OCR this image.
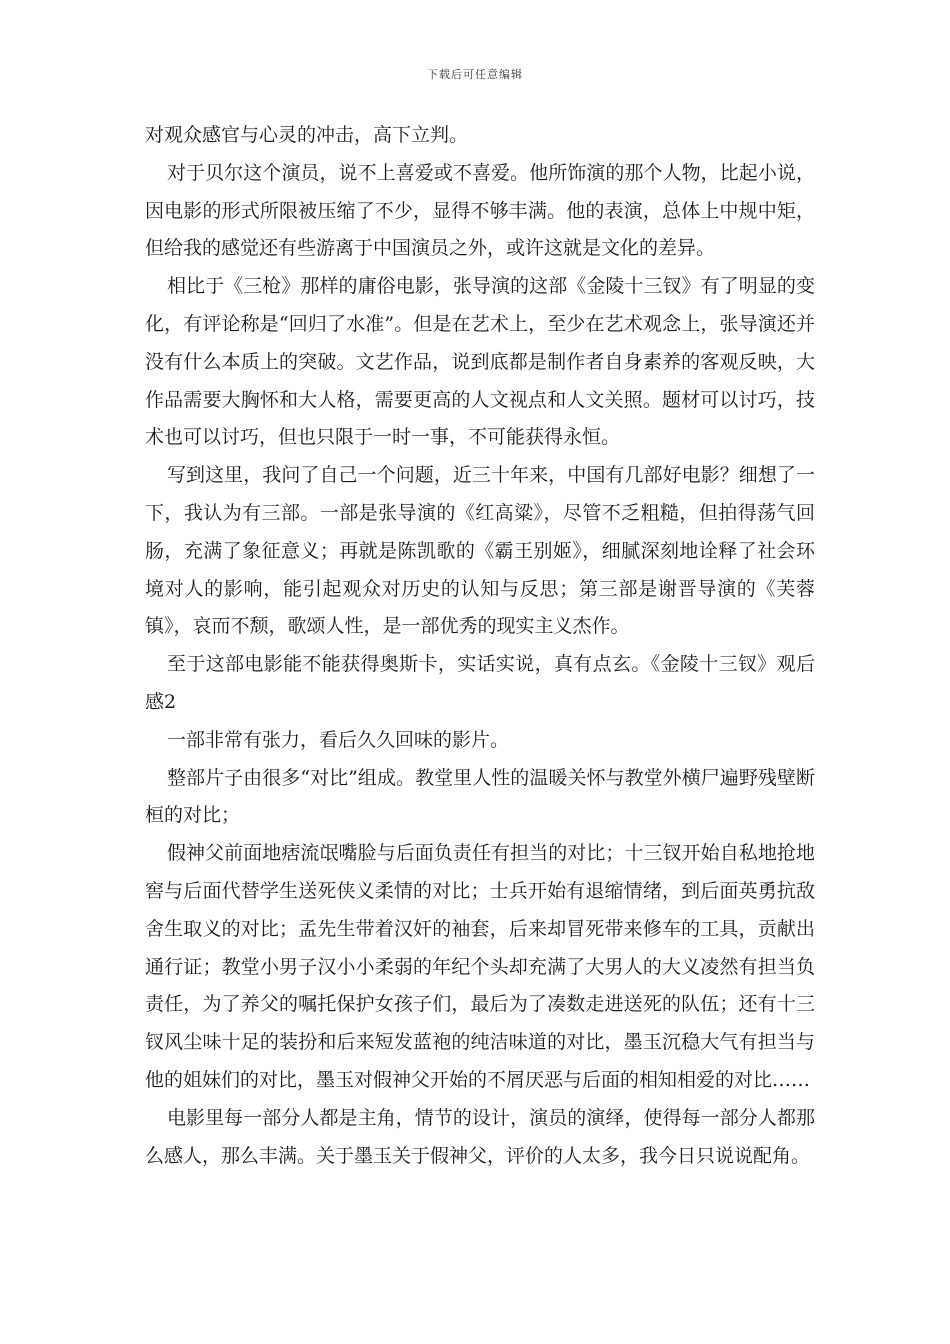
下载后可任意编辑

对观众感官与心灵的冲击，高下立判。

对于贝尔这个演员，说不上喜爱或不喜爱。他所饰演的那个人物，比起小说，因电影的形式所限被压缩了不少，显得不够丰满。他的表演，总体上中规中矩，但给我的感觉还有些游离于中国演员之外，或许这就是文化的差异。

相比于《三枪》那样的庸俗电影，张导演的这部《金陵十三钗》有了明显的变化，有评论称是“回归了水准”。但是在艺术上，至少在艺术观念上，张导演还并没有什么本质上的突破。文艺作品，说到底都是制作者自身素养的客观反映，大作品需要大胸怀和大人格，需要更高的人文视点和人文关照。题材可以讨巧，技术也可以讨巧，但也只限于一时一事，不可能获得永恒。

写到这里，我问了自己一个问题，近三十年来，中国有几部好电影？细想了一下，我认为有三部。一部是张导演的《红高粱》，尽管不乏粗糙，但拍得荡气回肠，充满了象征意义；再就是陈凯歌的《霸王别姬》，细腻深刻地诠释了社会环境对人的影响，能引起观众对历史的认知与反思；第三部是谢晋导演的《芙蓉镇》，哀而不颓，歌颂人性，是一部优秀的现实主义杰作。

至于这部电影能不能获得奥斯卡，实话实说，真有点玄。《金陵十三钗》观后感2

一部非常有张力，看后久久回味的影片。

整部片子由很多“对比”组成。教堂里人性的温暖关怀与教堂外横尸遍野残壁断桓的对比；

假神父前面地痞流氓嘴脸与后面负责任有担当的对比；十三钗开始自私地抢地窖与后面代替学生送死侠义柔情的对比；士兵开始有退缩情绪，到后面英勇抗敌舍生取义的对比；孟先生带着汉奸的袖套，后来却冒死带来修车的工具，贡献出通行证；教堂小男子汉小小柔弱的年纪个头却充满了大男人的大义凌然有担当负责任，为了养父的嘱托保护女孩子们，最后为了凑数走进送死的队伍；还有十三钗风尘味十足的装扮和后来短发蓝袍的纯洁味道的对比，墨玉沉稳大气有担当与他的姐妹们的对比，墨玉对假神父开始的不屑厌恶与后面的相知相爱的对比……

电影里每一部分人都是主角，情节的设计，演员的演绎，使得每一部分人都那么感人，那么丰满。关于墨玉关于假神父，评价的人太多，我今日只说说配角。
